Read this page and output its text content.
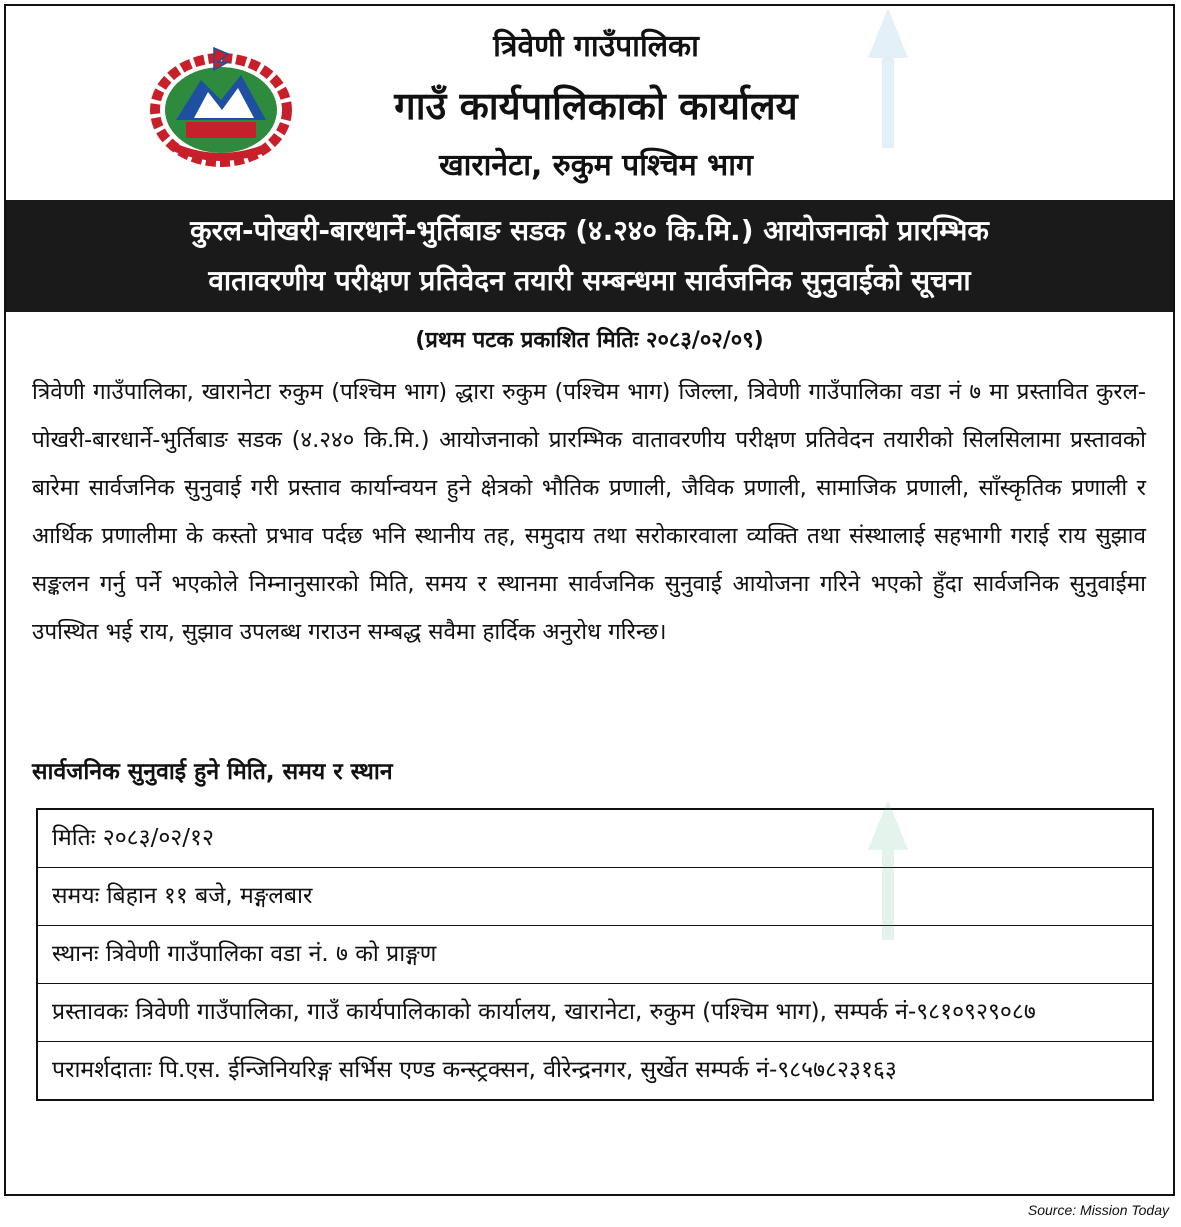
त्रिवेणी गाउँपालिका
गाउँ कार्यपालिकाको कार्यालय
खारानेटा, रुकुम पश्चिम भाग
कुरल-पोखरी-बारधार्ने-भुर्तिबाङ सडक (४.२४० कि.मि.) आयोजनाको प्रारम्भिक
वातावरणीय परीक्षण प्रतिवेदन तयारी सम्बन्धमा सार्वजनिक सुनुवाईको सूचना
(प्रथम पटक प्रकाशित मितिः २०८३/०२/०९)
त्रिवेणी गाउँपालिका, खारानेटा रुकुम (पश्चिम भाग) द्धारा रुकुम (पश्चिम भाग) जिल्ला, त्रिवेणी गाउँपालिका वडा नं ७ मा प्रस्तावित कुरल-पोखरी-बारधार्ने-भुर्तिबाङ सडक (४.२४० कि.मि.) आयोजनाको प्रारम्भिक वातावरणीय परीक्षण प्रतिवेदन तयारीको सिलसिलामा प्रस्तावको बारेमा सार्वजनिक सुनुवाई गरी प्रस्ताव कार्यान्वयन हुने क्षेत्रको भौतिक प्रणाली, जैविक प्रणाली, सामाजिक प्रणाली, साँस्कृतिक प्रणाली र आर्थिक प्रणालीमा के कस्तो प्रभाव पर्दछ भनि स्थानीय तह, समुदाय तथा सरोकारवाला व्यक्ति तथा संस्थालाई सहभागी गराई राय सुझाव सङ्कलन गर्नु पर्ने भएकोले निम्नानुसारको मिति, समय र स्थानमा सार्वजनिक सुनुवाई आयोजना गरिने भएको हुँदा सार्वजनिक सुनुवाईमा उपस्थित भई राय, सुझाव उपलब्ध गराउन सम्बद्ध सवैमा हार्दिक अनुरोध गरिन्छ।
सार्वजनिक सुनुवाई हुने मिति, समय र स्थान
मितिः २०८३/०२/१२
समयः बिहान ११ बजे, मङ्गलबार
स्थानः त्रिवेणी गाउँपालिका वडा नं. ७ को प्राङ्गण
प्रस्तावकः त्रिवेणी गाउँपालिका, गाउँ कार्यपालिकाको कार्यालय, खारानेटा, रुकुम (पश्चिम भाग), सम्पर्क नं-९८१०९२९०८७
परामर्शदाताः पि.एस. ईन्जिनियरिङ्ग सर्भिस एण्ड कन्स्ट्रक्सन, वीरेन्द्रनगर, सुर्खेत सम्पर्क नं-९८५७८२३१६३
Source: Mission Today
